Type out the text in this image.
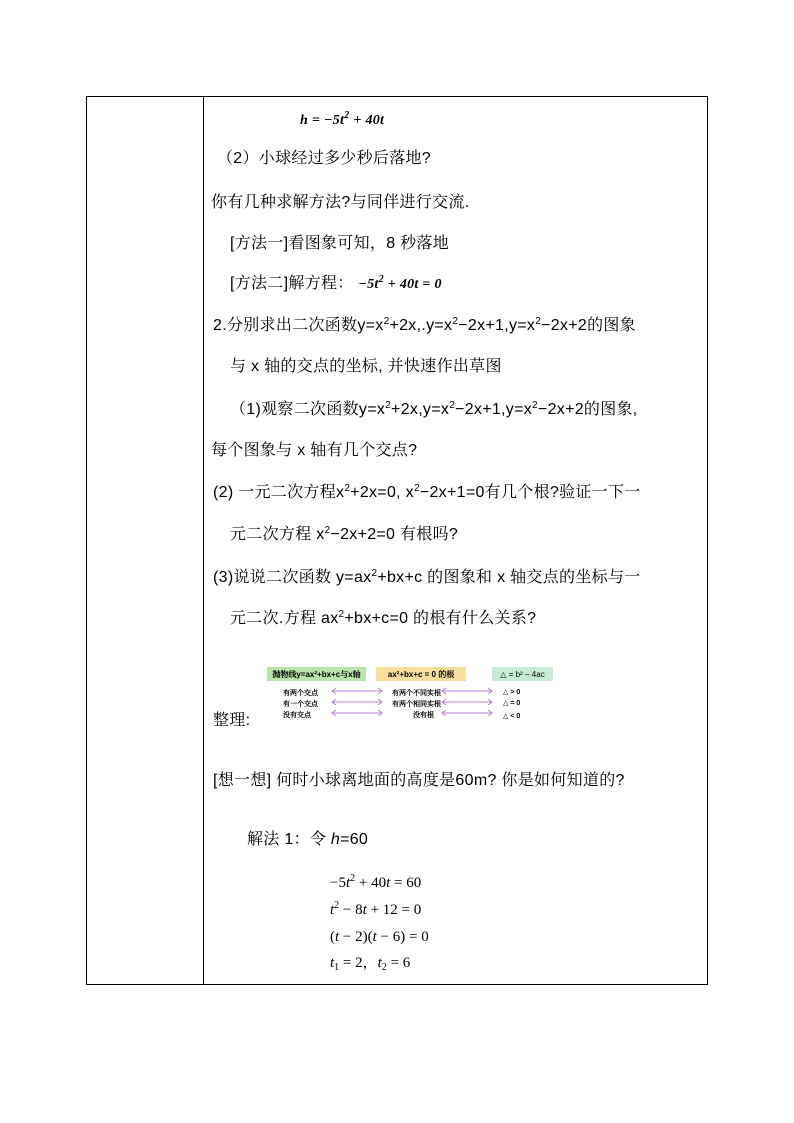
$h = -5t^2 + 40t$
（2）小球经过多少秒后落地?
你有几种求解方法?与同伴进行交流.
[方法一]看图象可知，8 秒落地
[方法二]解方程： $-5t^2 + 40t = 0$
2.分别求出二次函数$y=x^2+2x,.y=x^2-2x+1,y=x^2-2x+2$的图象
与 x 轴的交点的坐标, 并快速作出草图
（1)观察二次函数$y=x^2+2x,y=x^2-2x+1,y=x^2-2x+2$的图象,
每个图象与 x 轴有几个交点?
(2) 一元二次方程$x^2+2x=0$, $x^2-2x+1=0$有几个根?验证一下一
元二次方程 $x^2-2x+2=0$ 有根吗?
(3)说说二次函数 $y=ax^2+bx+c$ 的图象和 x 轴交点的坐标与一
元二次.方程 $ax^2+bx+c=0$ 的根有什么关系?
抛物线y=ax²+bx+c与x轴	ax²+bx+c = 0 的根	△ = b² − 4ac
有两个交点
有一个交点
没有交点
有两个不同实根
有两个相同实根
没有根
△ > 0
△ = 0
△ < 0
整理:
[想一想] 何时小球离地面的高度是60m? 你是如何知道的?
解法 1：令 h=60
$-5t^2 + 40t = 60$
$t^2 - 8t + 12 = 0$
(t − 2)(t − 6) = 0
$t_1 = 2$，$t_2 = 6$
